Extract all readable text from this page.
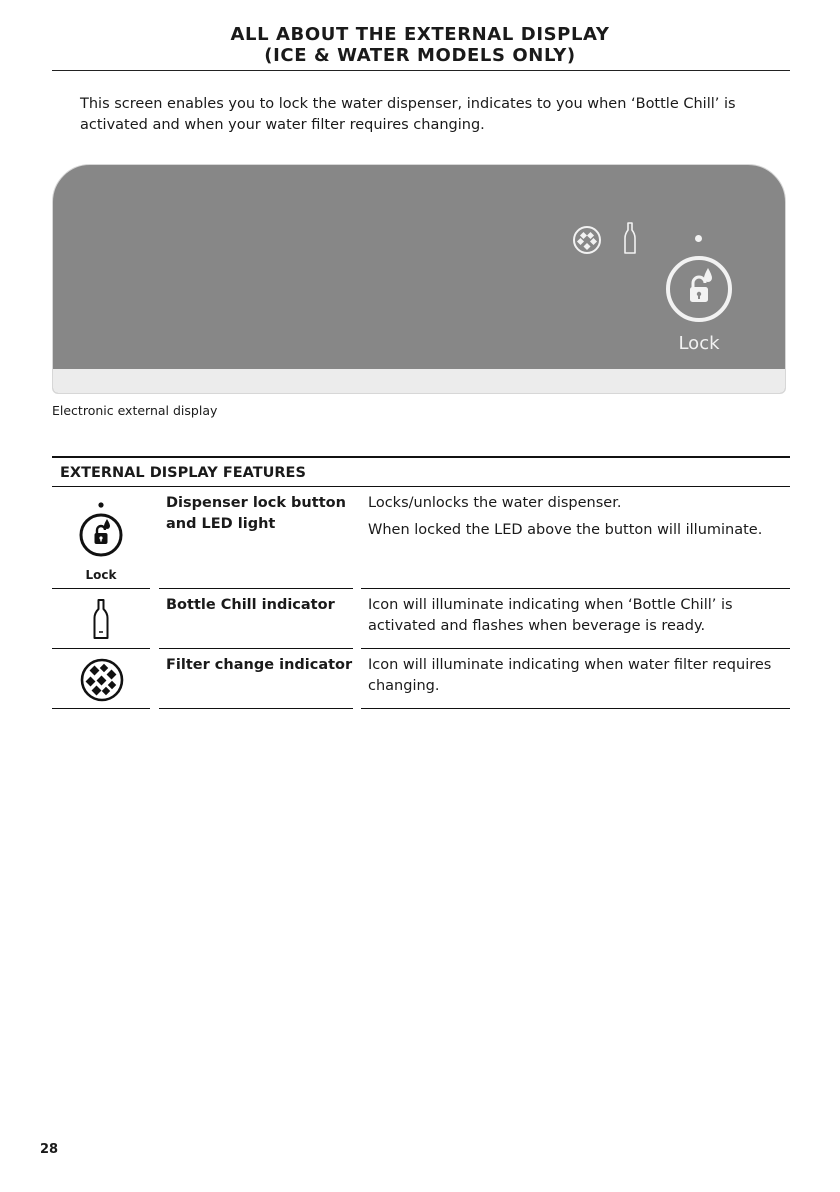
ALL ABOUT THE EXTERNAL DISPLAY
(ICE & WATER MODELS ONLY)
This screen enables you to lock the water dispenser, indicates to you when ‘Bottle Chill’ is activated and when your water filter requires changing.
Lock
Electronic external display
EXTERNAL DISPLAY FEATURES
Lock
Dispenser lock button and LED light

Locks/unlocks the water dispenser.

When locked the LED above the button will illuminate.

Bottle Chill indicator	Icon will illuminate indicating when ‘Bottle Chill’ is activated and flashes when beverage is ready.

Filter change indicator Icon will illuminate indicating when water filter requires changing.

28
